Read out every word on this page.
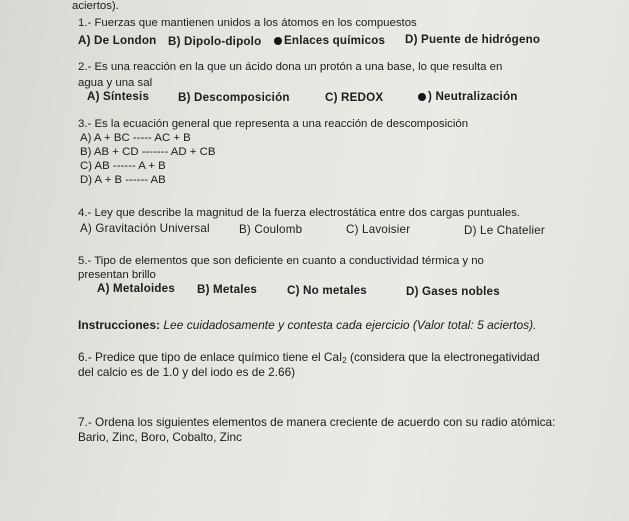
aciertos).
1.- Fuerzas que mantienen unidos a los átomos en los compuestos
A) De London B) Dipolo-dipolo	Enlaces químicos D) Puente de hidrógeno
2.- Es una reacción en la que un ácido dona un protón a una base, lo que resulta en
agua y una sal
A) Síntesis B) Descomposición	C) REDOX	) Neutralización
3.- Es la ecuación general que representa a una reacción de descomposición
A) A + BC ----- AC + B
B) AB + CD ------- AD + CB
C) AB ------ A + B
D) A + B ------ AB
4.- Ley que describe la magnitud de la fuerza electrostática entre dos cargas puntuales.
A) Gravitación Universal	B) Coulomb	C) Lavoisier	D) Le Chatelier
5.- Tipo de elementos que son deficiente en cuanto a conductividad térmica y no
presentan brillo
A) Metaloides B) Metales	C) No metales	D) Gases nobles
Instrucciones: Lee cuidadosamente y contesta cada ejercicio (Valor total: 5 aciertos).
6.- Predice que tipo de enlace químico tiene el CaI$_2$ (considera que la electronegatividad
del calcio es de 1.0 y del iodo es de 2.66)
7.- Ordena los siguientes elementos de manera creciente de acuerdo con su radio atómica:
Bario, Zinc, Boro, Cobalto, Zinc
